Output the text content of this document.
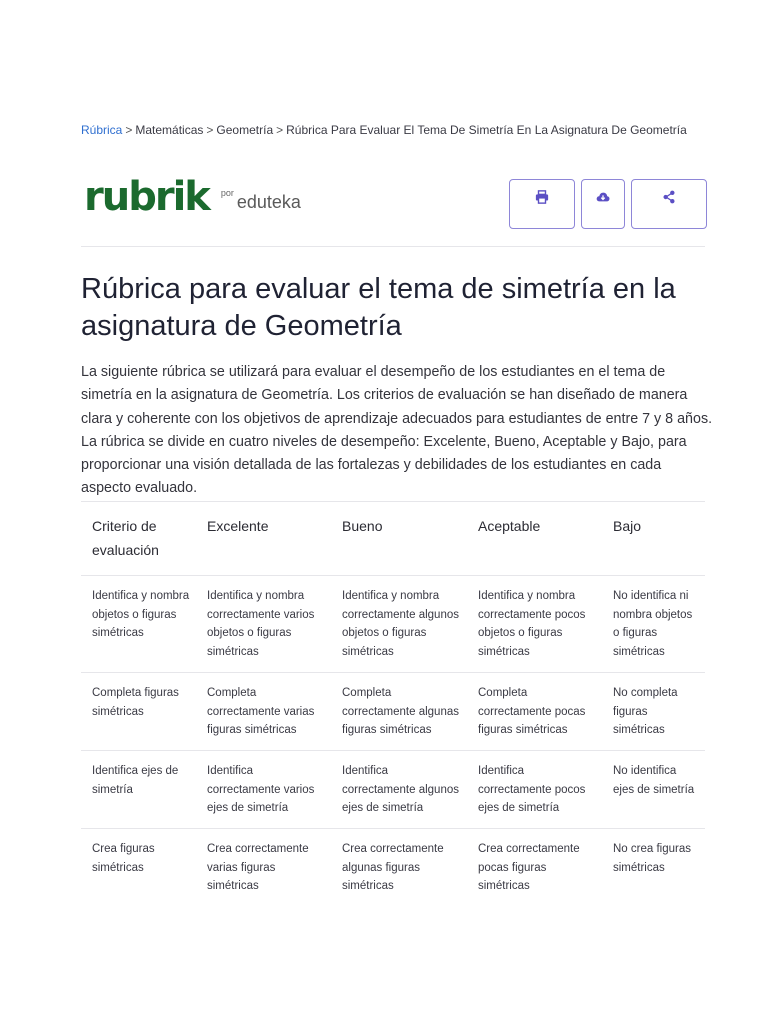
Rúbrica > Matemáticas > Geometría > Rúbrica Para Evaluar El Tema De Simetría En La Asignatura De Geometría
rubrik por eduteka
Rúbrica para evaluar el tema de simetría en la asignatura de Geometría

La siguiente rúbrica se utilizará para evaluar el desempeño de los estudiantes en el tema de simetría en la asignatura de Geometría. Los criterios de evaluación se han diseñado de manera clara y coherente con los objetivos de aprendizaje adecuados para estudiantes de entre 7 y 8 años. La rúbrica se divide en cuatro niveles de desempeño: Excelente, Bueno, Aceptable y Bajo, para proporcionar una visión detallada de las fortalezas y debilidades de los estudiantes en cada aspecto evaluado.

Criterio de evaluación	Excelente	Bueno	Aceptable	Bajo
Identifica y nombra objetos o figuras simétricas	Identifica y nombra correctamente varios objetos o figuras simétricas	Identifica y nombra correctamente algunos objetos o figuras simétricas	Identifica y nombra correctamente pocos objetos o figuras simétricas	No identifica ni nombra objetos o figuras simétricas
Completa figuras simétricas	Completa correctamente varias figuras simétricas	Completa correctamente algunas figuras simétricas	Completa correctamente pocas figuras simétricas	No completa figuras simétricas
Identifica ejes de simetría	Identifica correctamente varios ejes de simetría	Identifica correctamente algunos ejes de simetría	Identifica correctamente pocos ejes de simetría	No identifica ejes de simetría
Crea figuras simétricas	Crea correctamente varias figuras simétricas	Crea correctamente algunas figuras simétricas	Crea correctamente pocas figuras simétricas	No crea figuras simétricas
